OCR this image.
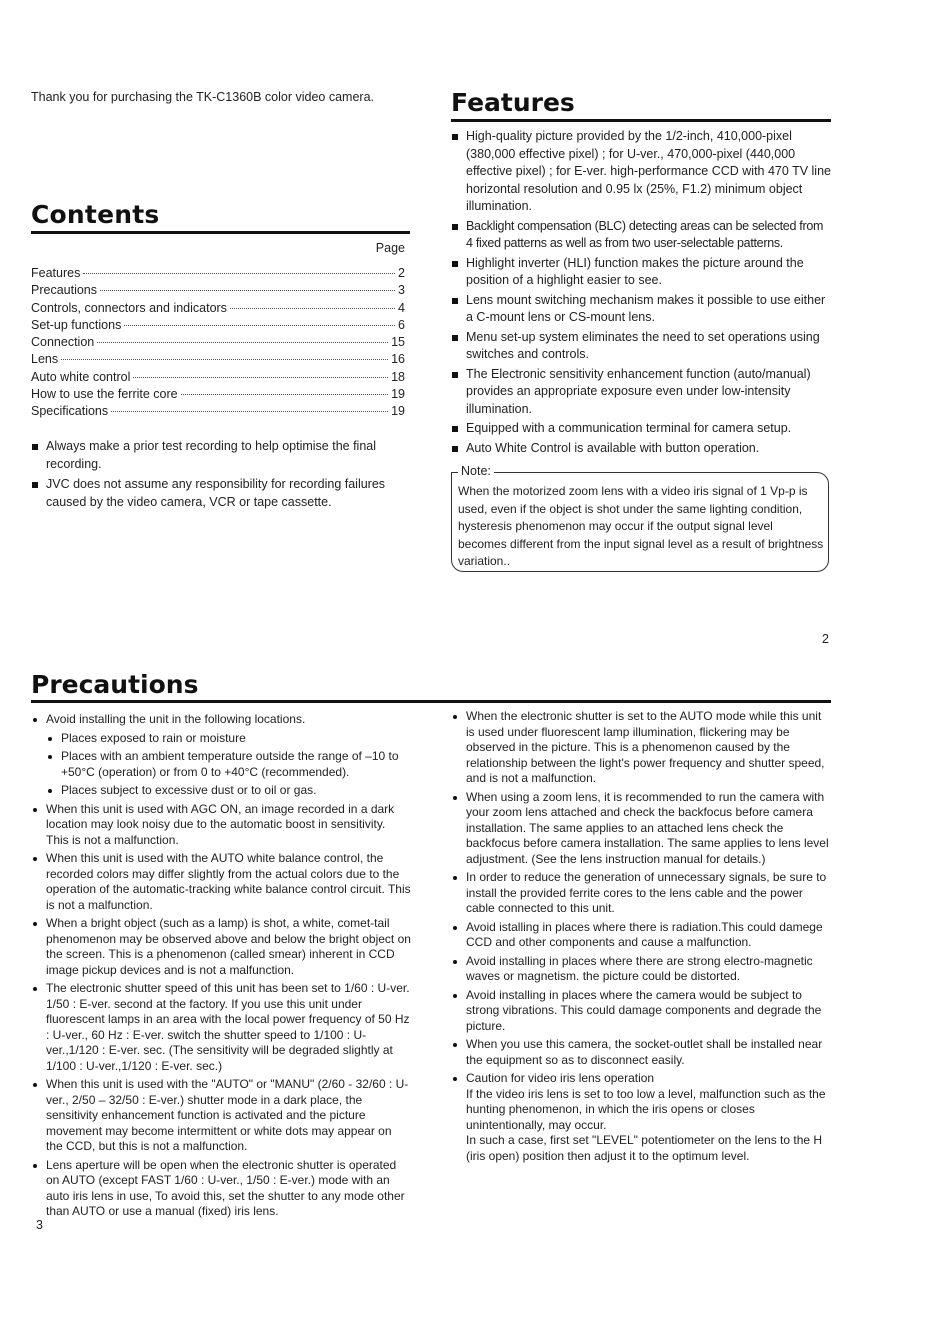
Thank you for purchasing the TK-C1360B color video camera.
Contents
Page
Features	2
Precautions	3
Controls, connectors and indicators	4
Set-up functions	6
Connection	15
Lens	16
Auto white control	18
How to use the ferrite core	19
Specifications	19
Always make a prior test recording to help optimise the final recording.
JVC does not assume any responsibility for recording failures caused by the video camera, VCR or tape cassette.
Features
High-quality picture provided by the 1/2-inch, 410,000-pixel (380,000 effective pixel) ; for U-ver., 470,000-pixel (440,000 effective pixel) ; for E-ver. high-performance CCD with 470 TV line horizontal resolution and 0.95 lx (25%, F1.2) minimum object illumination.
Backlight compensation (BLC) detecting areas can be selected from 4 fixed patterns as well as from two user-selectable patterns.
Highlight inverter (HLI) function makes the picture around the position of a highlight easier to see.
Lens mount switching mechanism makes it possible to use either a C-mount lens or CS-mount lens.
Menu set-up system eliminates the need to set operations using switches and controls.
The Electronic sensitivity enhancement function (auto/manual) provides an appropriate exposure even under low-intensity illumination.
Equipped with a communication terminal for camera setup.
Auto White Control is available with button operation.
Note:
When the motorized zoom lens with a video iris signal of 1 Vp-p is used, even if the object is shot under the same lighting condition, hysteresis phenomenon may occur if the output signal level becomes different from the input signal level as a result of brightness variation..
2
Precautions

Avoid installing the unit in the following locations.

Places exposed to rain or moisture
Places with an ambient temperature outside the range of –10 to +50°C (operation) or from 0 to +40°C (recommended).
Places subject to excessive dust or to oil or gas.

When this unit is used with AGC ON, an image recorded in a dark location may look noisy due to the automatic boost in sensitivity. This is not a malfunction.

When this unit is used with the AUTO white balance control, the recorded colors may differ slightly from the actual colors due to the operation of the automatic-tracking white balance control circuit. This is not a malfunction.

When a bright object (such as a lamp) is shot, a white, comet-tail phenomenon may be observed above and below the bright object on the screen. This is a phenomenon (called smear) inherent in CCD image pickup devices and is not a malfunction.

The electronic shutter speed of this unit has been set to 1/60 : U-ver. 1/50 : E-ver. second at the factory. If you use this unit under fluorescent lamps in an area with the local power frequency of 50 Hz : U-ver., 60 Hz : E-ver. switch the shutter speed to 1/100 : U-ver.,1/120 : E-ver. sec. (The sensitivity will be degraded slightly at 1/100 : U-ver.,1/120 : E-ver. sec.)

When this unit is used with the "AUTO" or "MANU" (2/60 - 32/60 : U-ver., 2/50 – 32/50 : E-ver.) shutter mode in a dark place, the sensitivity enhancement function is activated and the picture movement may become intermittent or white dots may appear on the CCD, but this is not a malfunction.

Lens aperture will be open when the electronic shutter is operated on AUTO (except FAST 1/60 : U-ver., 1/50 : E-ver.) mode with an auto iris lens in use, To avoid this, set the shutter to any mode other than AUTO or use a manual (fixed) iris lens.

When the electronic shutter is set to the AUTO mode while this unit is used under fluorescent lamp illumination, flickering may be observed in the picture. This is a phenomenon caused by the relationship between the light's power frequency and shutter speed, and is not a malfunction.

When using a zoom lens, it is recommended to run the camera with your zoom lens attached and check the backfocus before camera installation. The same applies to an attached lens check the backfocus before camera installation. The same applies to lens level adjustment. (See the lens instruction manual for details.)

In order to reduce the generation of unnecessary signals, be sure to install the provided ferrite cores to the lens cable and the power cable connected to this unit.

Avoid istalling in places where there is radiation.This could damege CCD and other components and cause a malfunction.

Avoid installing in places where there are strong electro-magnetic waves or magnetism. the picture could be distorted.

Avoid installing in places where the camera would be subject to strong vibrations. This could damage components and degrade the picture.

When you use this camera, the socket-outlet shall be installed near the equipment so as to disconnect easily.

Caution for video iris lens operation

If the video iris lens is set to too low a level, malfunction such as the hunting phenomenon, in which the iris opens or closes unintentionally, may occur.

In such a case, first set "LEVEL" potentiometer on the lens to the H (iris open) position then adjust it to the optimum level.

3
